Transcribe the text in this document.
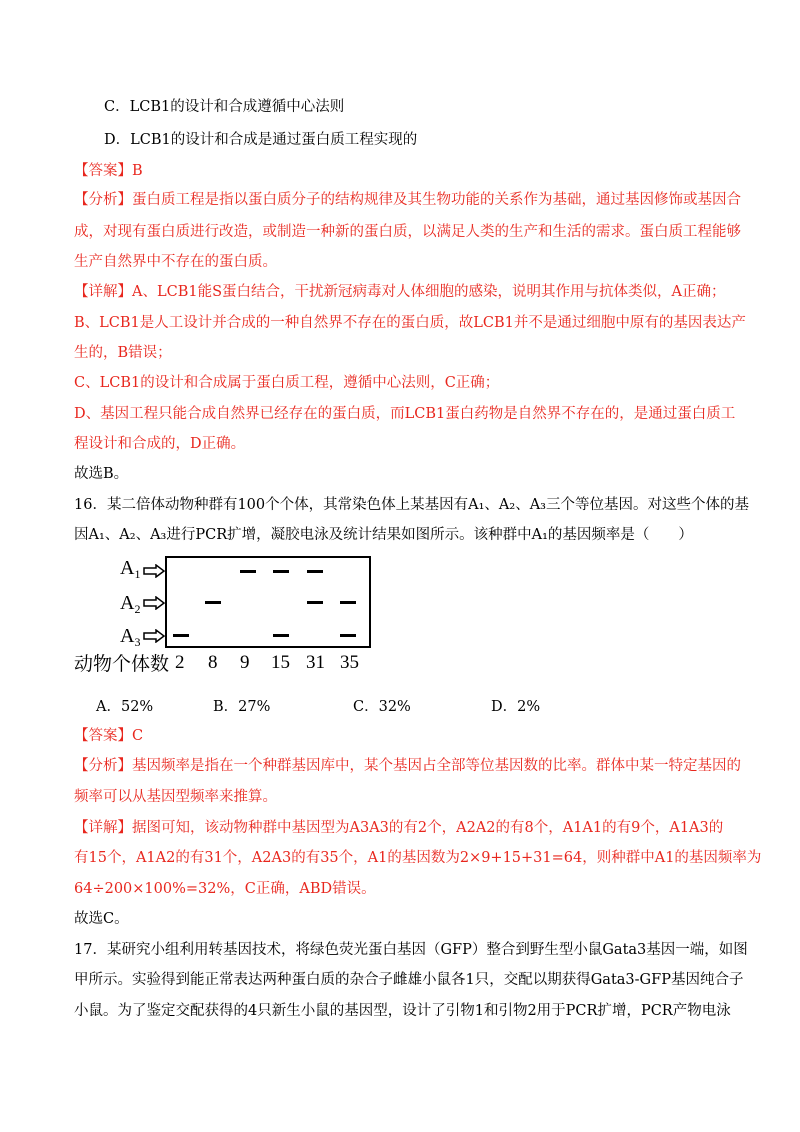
C．LCB1的设计和合成遵循中心法则
D．LCB1的设计和合成是通过蛋白质工程实现的
【答案】B
【分析】蛋白质工程是指以蛋白质分子的结构规律及其生物功能的关系作为基础，通过基因修饰或基因合
成，对现有蛋白质进行改造，或制造一种新的蛋白质，以满足人类的生产和生活的需求。蛋白质工程能够
生产自然界中不存在的蛋白质。
【详解】A、LCB1能S蛋白结合，干扰新冠病毒对人体细胞的感染，说明其作用与抗体类似，A正确；
B、LCB1是人工设计并合成的一种自然界不存在的蛋白质，故LCB1并不是通过细胞中原有的基因表达产
生的，B错误；
C、LCB1的设计和合成属于蛋白质工程，遵循中心法则，C正确；
D、基因工程只能合成自然界已经存在的蛋白质，而LCB1蛋白药物是自然界不存在的，是通过蛋白质工
程设计和合成的，D正确。
故选B。
16．某二倍体动物种群有100个个体，其常染色体上某基因有A₁、A₂、A₃三个等位基因。对这些个体的基
因A₁、A₂、A₃进行PCR扩增，凝胶电泳及统计结果如图所示。该种群中A₁的基因频率是（　　）
$A_1$
$A_2$
$A_3$
动物个体数 2 8 9 15 31 35
A．52%	B．27%	C．32%	D．2%
【答案】C
【分析】基因频率是指在一个种群基因库中，某个基因占全部等位基因数的比率。群体中某一特定基因的
频率可以从基因型频率来推算。
【详解】据图可知，该动物种群中基因型为A3A3的有2个，A2A2的有8个，A1A1的有9个，A1A3的
有15个，A1A2的有31个，A2A3的有35个，A1的基因数为2×9+15+31=64，则种群中A1的基因频率为
64÷200×100%=32%，C正确，ABD错误。
故选C。
17．某研究小组利用转基因技术，将绿色荧光蛋白基因（GFP）整合到野生型小鼠Gata3基因一端，如图
甲所示。实验得到能正常表达两种蛋白质的杂合子雌雄小鼠各1只，交配以期获得Gata3-GFP基因纯合子
小鼠。为了鉴定交配获得的4只新生小鼠的基因型，设计了引物1和引物2用于PCR扩增，PCR产物电泳
